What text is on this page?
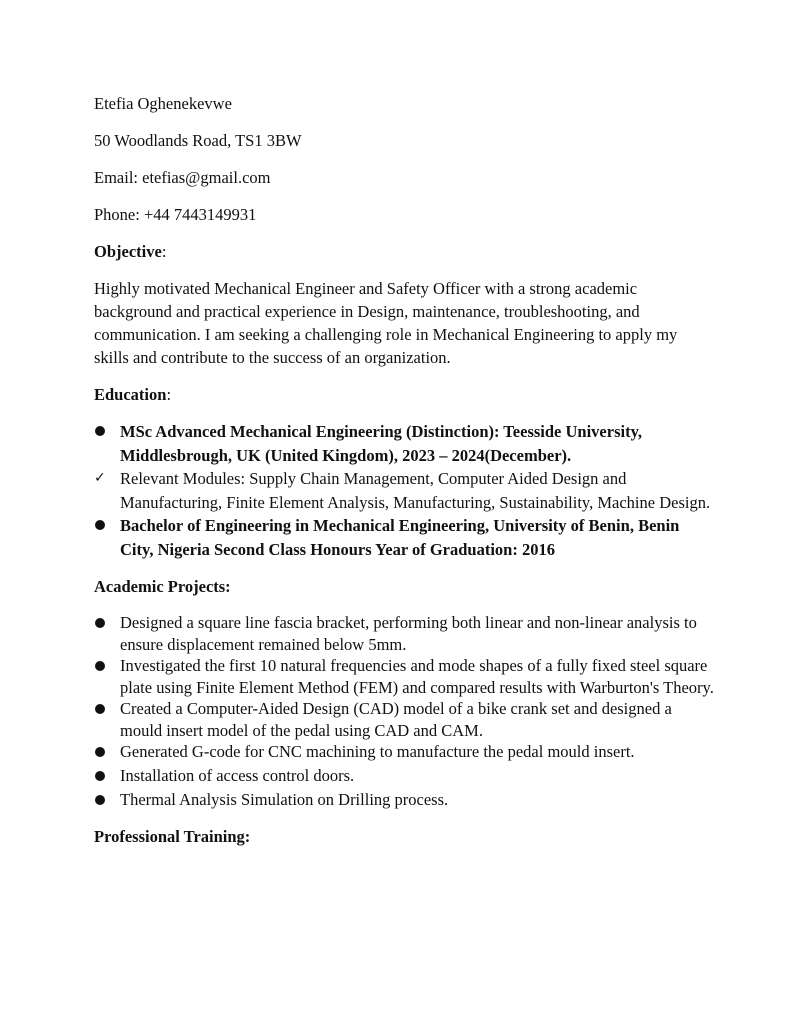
Etefia Oghenekevwe

50 Woodlands Road, TS1 3BW

Email: etefias@gmail.com

Phone: +44 7443149931

Objective:

Highly motivated Mechanical Engineer and Safety Officer with a strong academic background and practical experience in Design, maintenance, troubleshooting, and communication. I am seeking a challenging role in Mechanical Engineering to apply my skills and contribute to the success of an organization.

Education:
MSc Advanced Mechanical Engineering (Distinction): Teesside University, Middlesbrough, UK (United Kingdom), 2023 – 2024(December).
✓ Relevant Modules: Supply Chain Management, Computer Aided Design and Manufacturing, Finite Element Analysis, Manufacturing, Sustainability, Machine Design.
Bachelor of Engineering in Mechanical Engineering, University of Benin, Benin City, Nigeria Second Class Honours Year of Graduation: 2016
Academic Projects:
Designed a square line fascia bracket, performing both linear and non-linear analysis to ensure displacement remained below 5mm.
Investigated the first 10 natural frequencies and mode shapes of a fully fixed steel square plate using Finite Element Method (FEM) and compared results with Warburton's Theory.
Created a Computer-Aided Design (CAD) model of a bike crank set and designed a mould insert model of the pedal using CAD and CAM.
Generated G-code for CNC machining to manufacture the pedal mould insert.
Installation of access control doors.
Thermal Analysis Simulation on Drilling process.
Professional Training:
